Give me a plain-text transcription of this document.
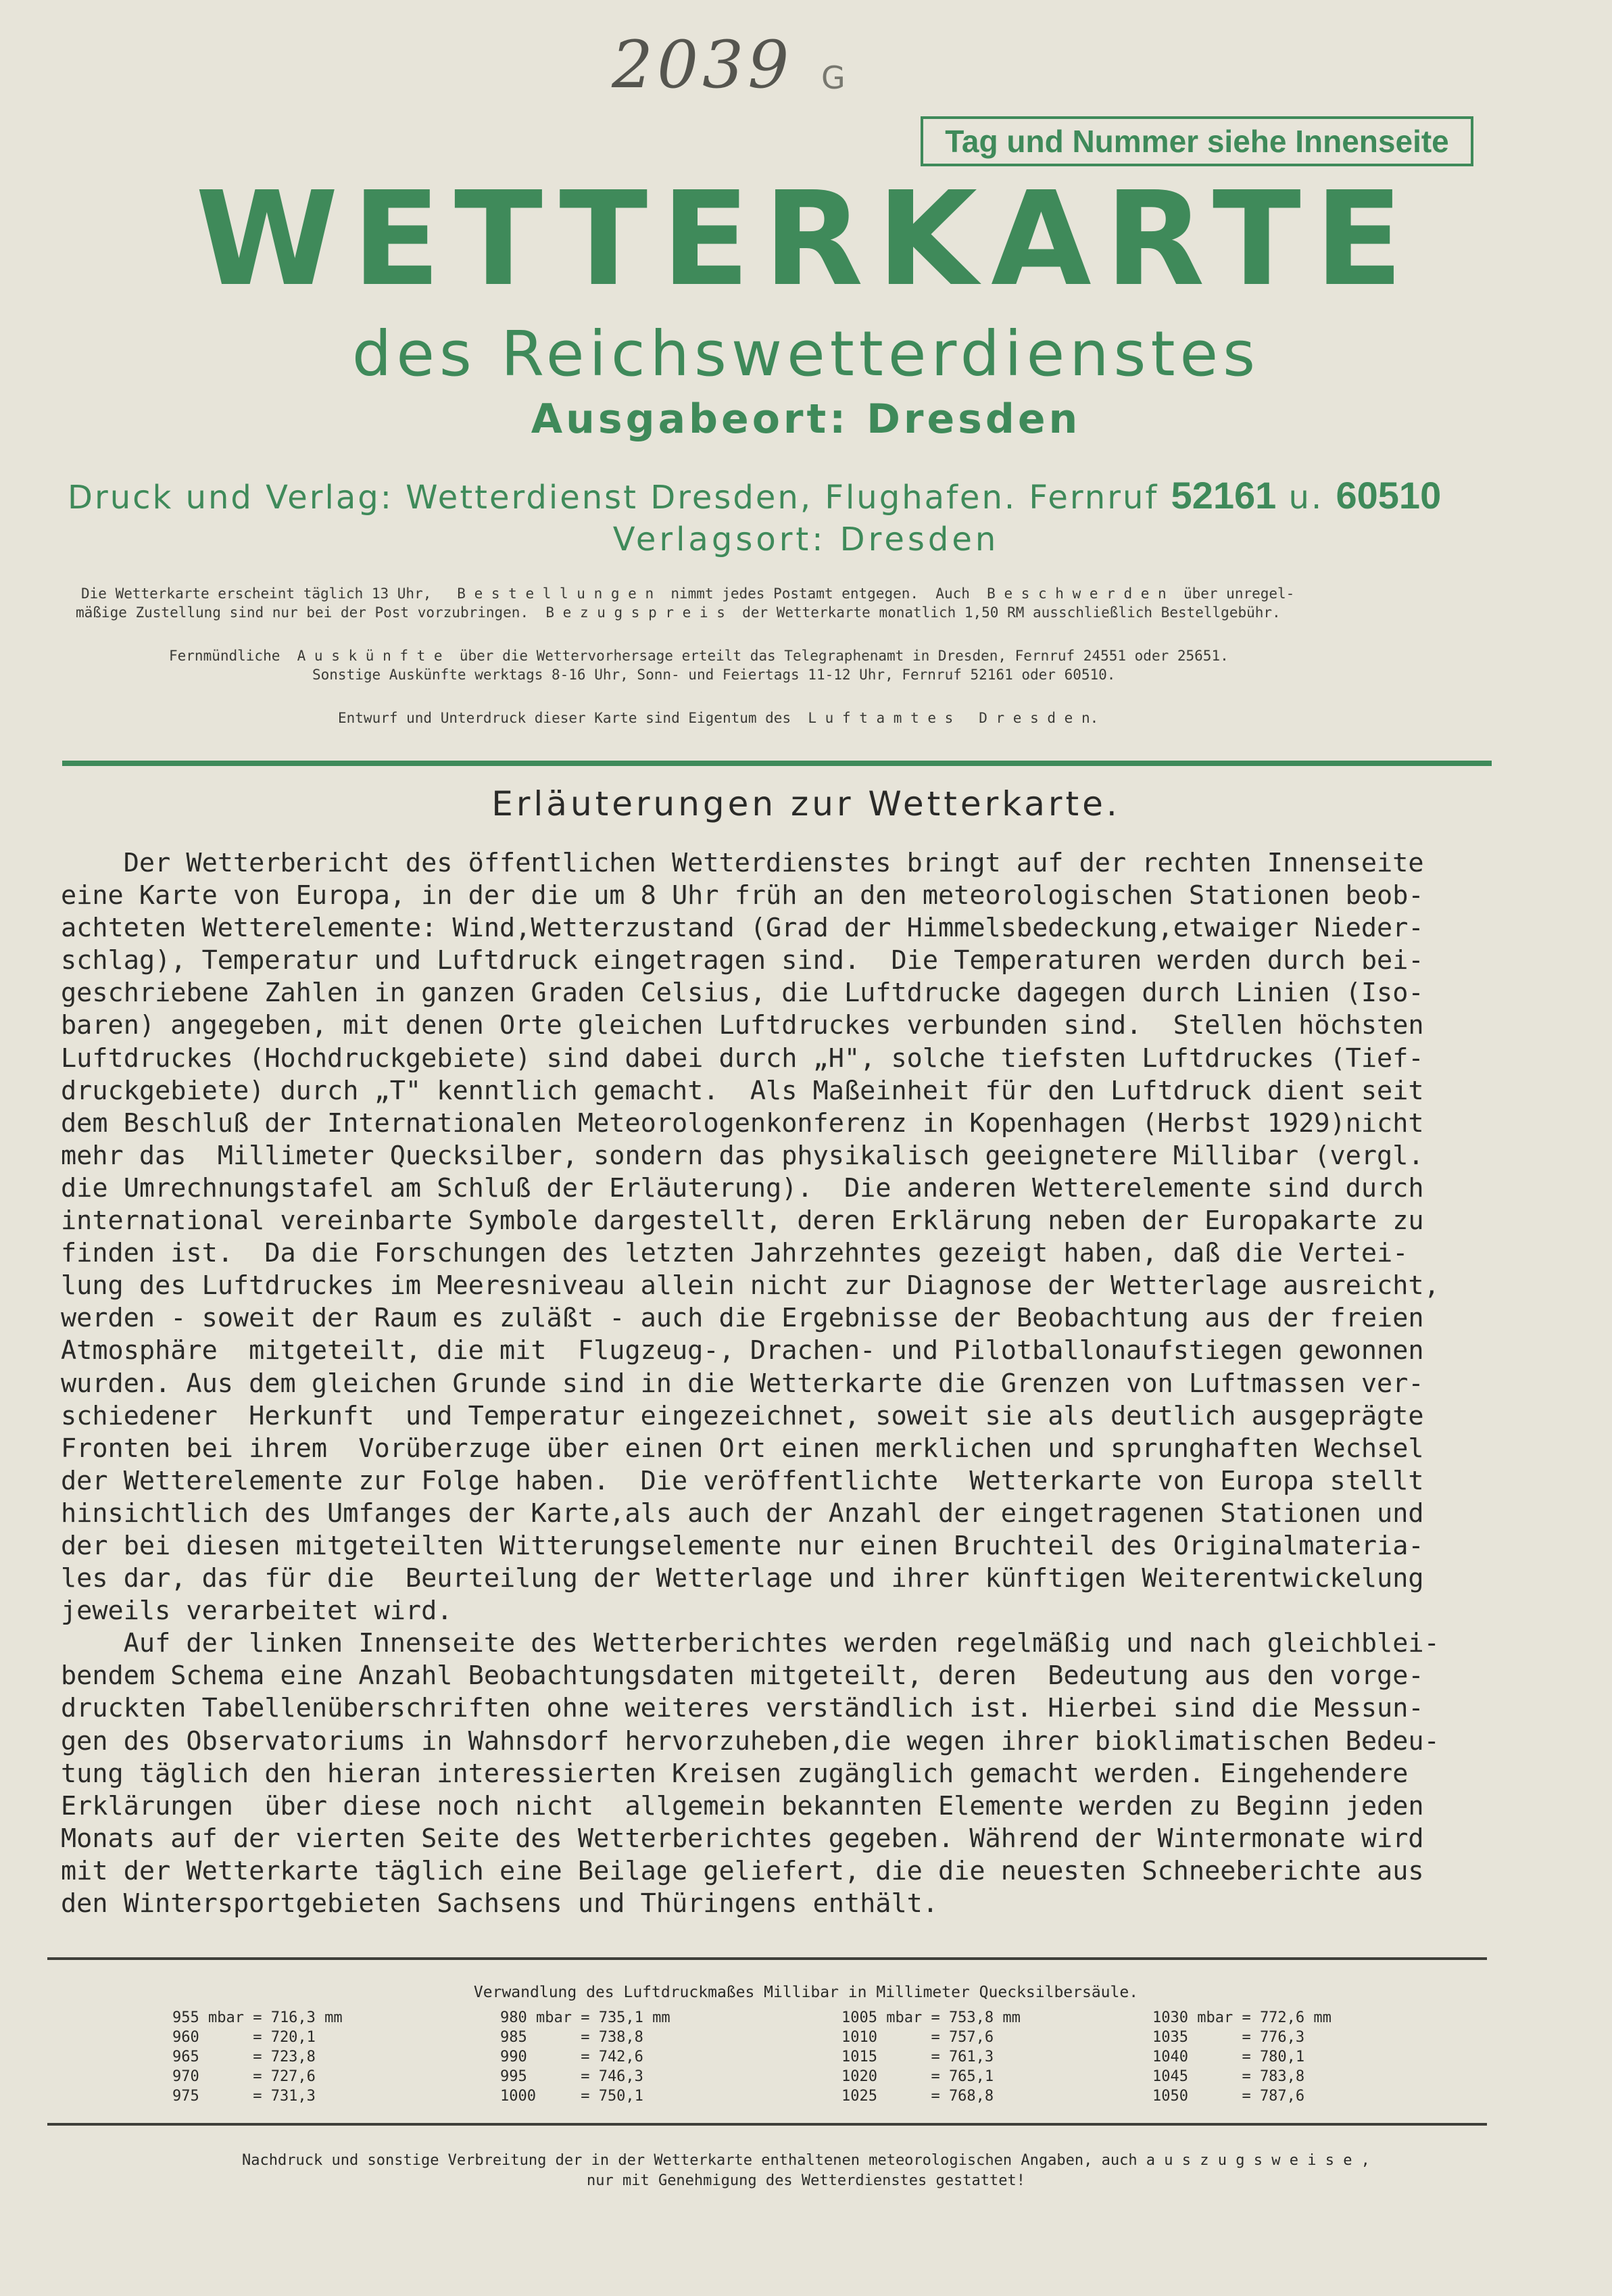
2039 G
Tag und Nummer siehe Innenseite
WETTERKARTE
des Reichswetterdienstes
Ausgabeort: Dresden
Druck und Verlag: Wetterdienst Dresden, Flughafen. Fernruf 52161 u. 60510
Verlagsort: Dresden
Die Wetterkarte erscheint täglich 13 Uhr,   B e s t e l l u n g e n  nimmt jedes Postamt entgegen.  Auch  B e s c h w e r d e n  über unregel-
mäßige Zustellung sind nur bei der Post vorzubringen.  B e z u g s p r e i s  der Wetterkarte monatlich 1,50 RM ausschließlich Bestellgebühr.
Fernmündliche  A u s k ü n f t e  über die Wettervorhersage erteilt das Telegraphenamt in Dresden, Fernruf 24551 oder 25651.
Sonstige Auskünfte werktags 8-16 Uhr, Sonn- und Feiertags 11-12 Uhr, Fernruf 52161 oder 60510.
Entwurf und Unterdruck dieser Karte sind Eigentum des  L u f t a m t e s   D r e s d e n.
Erläuterungen zur Wetterkarte.

Der Wetterbericht des öffentlichen Wetterdienstes bringt auf der rechten Innenseite

eine Karte von Europa, in der die um 8 Uhr früh an den meteorologischen Stationen beob-

achteten Wetterelemente: Wind,Wetterzustand (Grad der Himmelsbedeckung,etwaiger Nieder-

schlag), Temperatur und Luftdruck eingetragen sind.  Die Temperaturen werden durch bei-

geschriebene Zahlen in ganzen Graden Celsius, die Luftdrucke dagegen durch Linien (Iso-

baren) angegeben, mit denen Orte gleichen Luftdruckes verbunden sind.  Stellen höchsten

Luftdruckes (Hochdruckgebiete) sind dabei durch „H", solche tiefsten Luftdruckes (Tief-

druckgebiete) durch „T" kenntlich gemacht.  Als Maßeinheit für den Luftdruck dient seit

dem Beschluß der Internationalen Meteorologenkonferenz in Kopenhagen (Herbst 1929)nicht

mehr das  Millimeter Quecksilber, sondern das physikalisch geeignetere Millibar (vergl.

die Umrechnungstafel am Schluß der Erläuterung).  Die anderen Wetterelemente sind durch

international vereinbarte Symbole dargestellt, deren Erklärung neben der Europakarte zu

finden ist.  Da die Forschungen des letzten Jahrzehntes gezeigt haben, daß die Vertei-

lung des Luftdruckes im Meeresniveau allein nicht zur Diagnose der Wetterlage ausreicht,

werden - soweit der Raum es zuläßt - auch die Ergebnisse der Beobachtung aus der freien

Atmosphäre  mitgeteilt, die mit  Flugzeug-, Drachen- und Pilotballonaufstiegen gewonnen

wurden. Aus dem gleichen Grunde sind in die Wetterkarte die Grenzen von Luftmassen ver-

schiedener  Herkunft  und Temperatur eingezeichnet, soweit sie als deutlich ausgeprägte

Fronten bei ihrem  Vorüberzuge über einen Ort einen merklichen und sprunghaften Wechsel

der Wetterelemente zur Folge haben.  Die veröffentlichte  Wetterkarte von Europa stellt

hinsichtlich des Umfanges der Karte,als auch der Anzahl der eingetragenen Stationen und

der bei diesen mitgeteilten Witterungselemente nur einen Bruchteil des Originalmateria-

les dar, das für die  Beurteilung der Wetterlage und ihrer künftigen Weiterentwickelung

jeweils verarbeitet wird.

Auf der linken Innenseite des Wetterberichtes werden regelmäßig und nach gleichblei-

bendem Schema eine Anzahl Beobachtungsdaten mitgeteilt, deren  Bedeutung aus den vorge-

druckten Tabellenüberschriften ohne weiteres verständlich ist. Hierbei sind die Messun-

gen des Observatoriums in Wahnsdorf hervorzuheben,die wegen ihrer bioklimatischen Bedeu-

tung täglich den hieran interessierten Kreisen zugänglich gemacht werden. Eingehendere

Erklärungen  über diese noch nicht  allgemein bekannten Elemente werden zu Beginn jeden

Monats auf der vierten Seite des Wetterberichtes gegeben. Während der Wintermonate wird

mit der Wetterkarte täglich eine Beilage geliefert, die die neuesten Schneeberichte aus

den Wintersportgebieten Sachsens und Thüringens enthält.

Verwandlung des Luftdruckmaßes Millibar in Millimeter Quecksilbersäule.
955 mbar = 716,3 mm
960      = 720,1
965      = 723,8
970      = 727,6
975      = 731,3
980 mbar = 735,1 mm
985      = 738,8
990      = 742,6
995      = 746,3
1000     = 750,1
1005 mbar = 753,8 mm
1010      = 757,6
1015      = 761,3
1020      = 765,1
1025      = 768,8
1030 mbar = 772,6 mm
1035      = 776,3
1040      = 780,1
1045      = 783,8
1050      = 787,6
Nachdruck und sonstige Verbreitung der in der Wetterkarte enthaltenen meteorologischen Angaben, auch a u s z u g s w e i s e ,
nur mit Genehmigung des Wetterdienstes gestattet!
